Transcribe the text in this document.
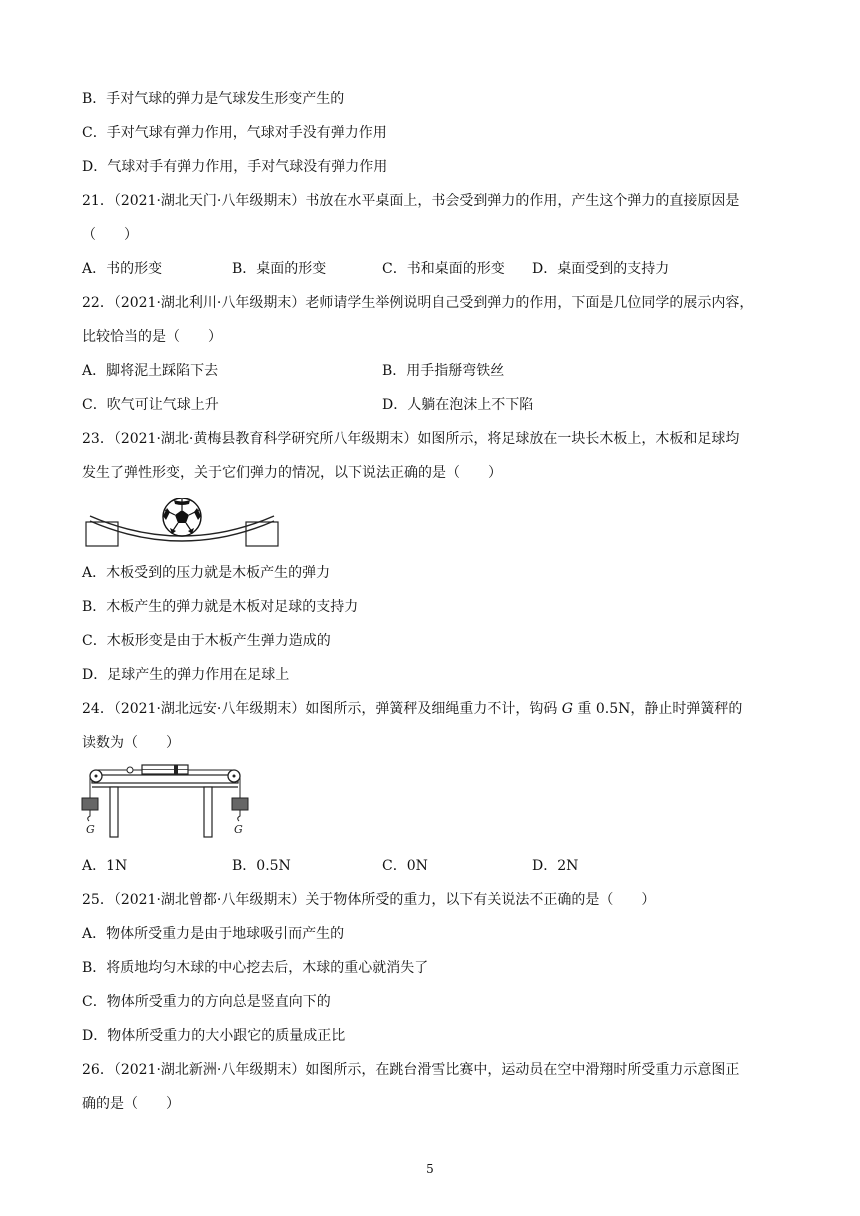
B．手对气球的弹力是气球发生形变产生的
C．手对气球有弹力作用，气球对手没有弹力作用
D．气球对手有弹力作用，手对气球没有弹力作用
21．（2021·湖北天门·八年级期末）书放在水平桌面上，书会受到弹力的作用，产生这个弹力的直接原因是
（　　）
A．书的形变	B．桌面的形变	C．书和桌面的形变 D．桌面受到的支持力
22．（2021·湖北利川·八年级期末）老师请学生举例说明自己受到弹力的作用，下面是几位同学的展示内容，
比较恰当的是（　　）
A．脚将泥土踩陷下去	B．用手指掰弯铁丝
C．吹气可让气球上升	D．人躺在泡沫上不下陷
23．（2021·湖北·黄梅县教育科学研究所八年级期末）如图所示，将足球放在一块长木板上，木板和足球均
发生了弹性形变，关于它们弹力的情况，以下说法正确的是（　　）
A．木板受到的压力就是木板产生的弹力
B．木板产生的弹力就是木板对足球的支持力
C．木板形变是由于木板产生弹力造成的
D．足球产生的弹力作用在足球上
24．（2021·湖北远安·八年级期末）如图所示，弹簧秤及细绳重力不计，钩码 G 重 0.5N，静止时弹簧秤的
读数为（　　）
G	G
A．1N	B．0.5N	C．0N	D．2N
25．（2021·湖北曾都·八年级期末）关于物体所受的重力，以下有关说法不正确的是（　　）
A．物体所受重力是由于地球吸引而产生的
B．将质地均匀木球的中心挖去后，木球的重心就消失了
C．物体所受重力的方向总是竖直向下的
D．物体所受重力的大小跟它的质量成正比
26．（2021·湖北新洲·八年级期末）如图所示，在跳台滑雪比赛中，运动员在空中滑翔时所受重力示意图正
确的是（　　）
5
